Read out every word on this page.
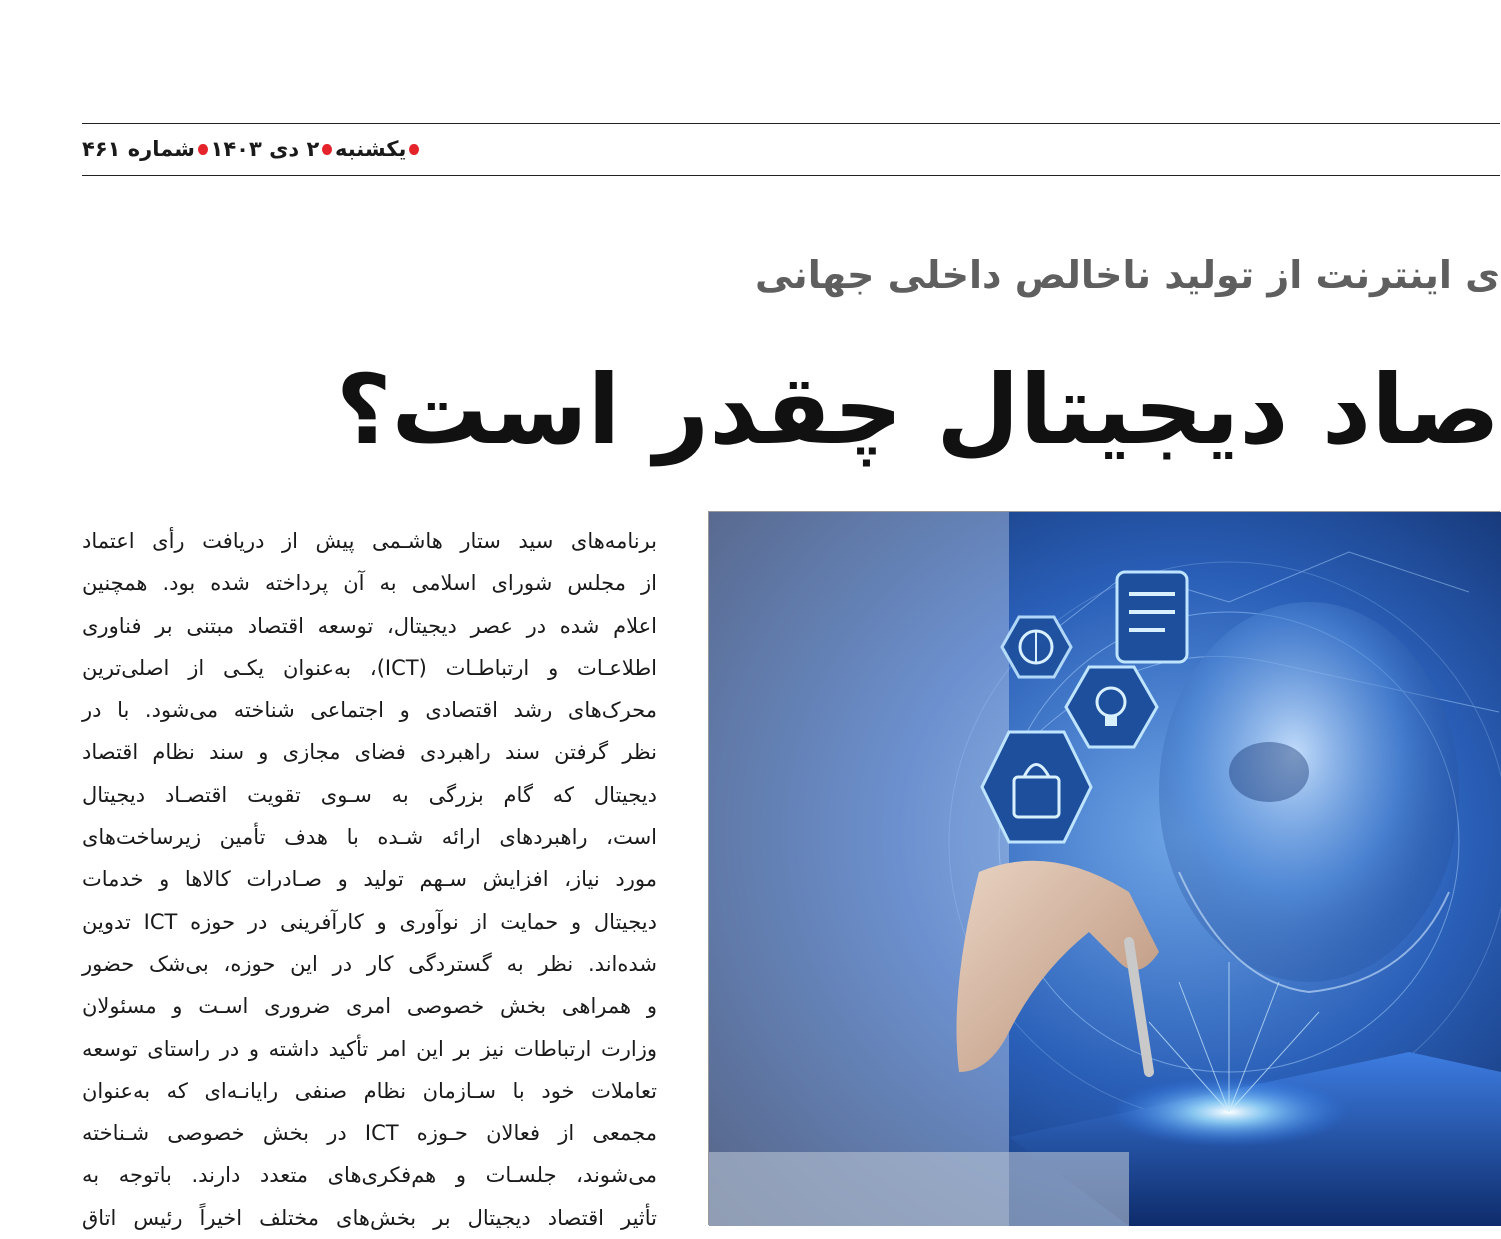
یکشنبه
۲ دی ۱۴۰۳
شماره ۴۶۱
ی اینترنت از تولید ناخالص داخلی جهانی
صاد دیجیتال چقدر است؟
برنامه‌های سید ستار هاشـمی پیش از دریافت رأی اعتماد
از مجلس شورای اسلامی به آن پرداخته شده بود. همچنین
اعلام شده در عصر دیجیتال، توسعه اقتصاد مبتنی بر فناوری
اطلاعـات و ارتباطـات (ICT)، به‌عنوان یکـی از اصلی‌ترین
محرک‌های رشد اقتصادی و اجتماعی شناخته می‌شود. با در
نظر گرفتن سند راهبردی فضای مجازی و سند نظام اقتصاد
دیجیتال که گام بزرگی به سـوی تقویت اقتصـاد دیجیتال
است، راهبردهای ارائه شـده با هدف تأمین زیرساخت‌های
مورد نیاز، افزایش سـهم تولید و صـادرات کالاها و خدمات
دیجیتال و حمایت از نوآوری و کارآفرینی در حوزه ICT تدوین
شده‌اند. نظر به گستردگی کار در این حوزه، بی‌شک حضور
و همراهی بخش خصوصی امری ضروری اسـت و مسئولان
وزارت ارتباطات نیز بر این امر تأکید داشته و در راستای توسعه
تعاملات خود با سـازمان نظام صنفی رایانـه‌ای که به‌عنوان
مجمعی از فعالان حـوزه ICT در بخش خصوصی شـناخته
می‌شوند، جلسـات و هم‌فکری‌های متعدد دارند. باتوجه به
تأثیر اقتصاد دیجیتال بر بخش‌های مختلف اخیراً رئیس اتاق
